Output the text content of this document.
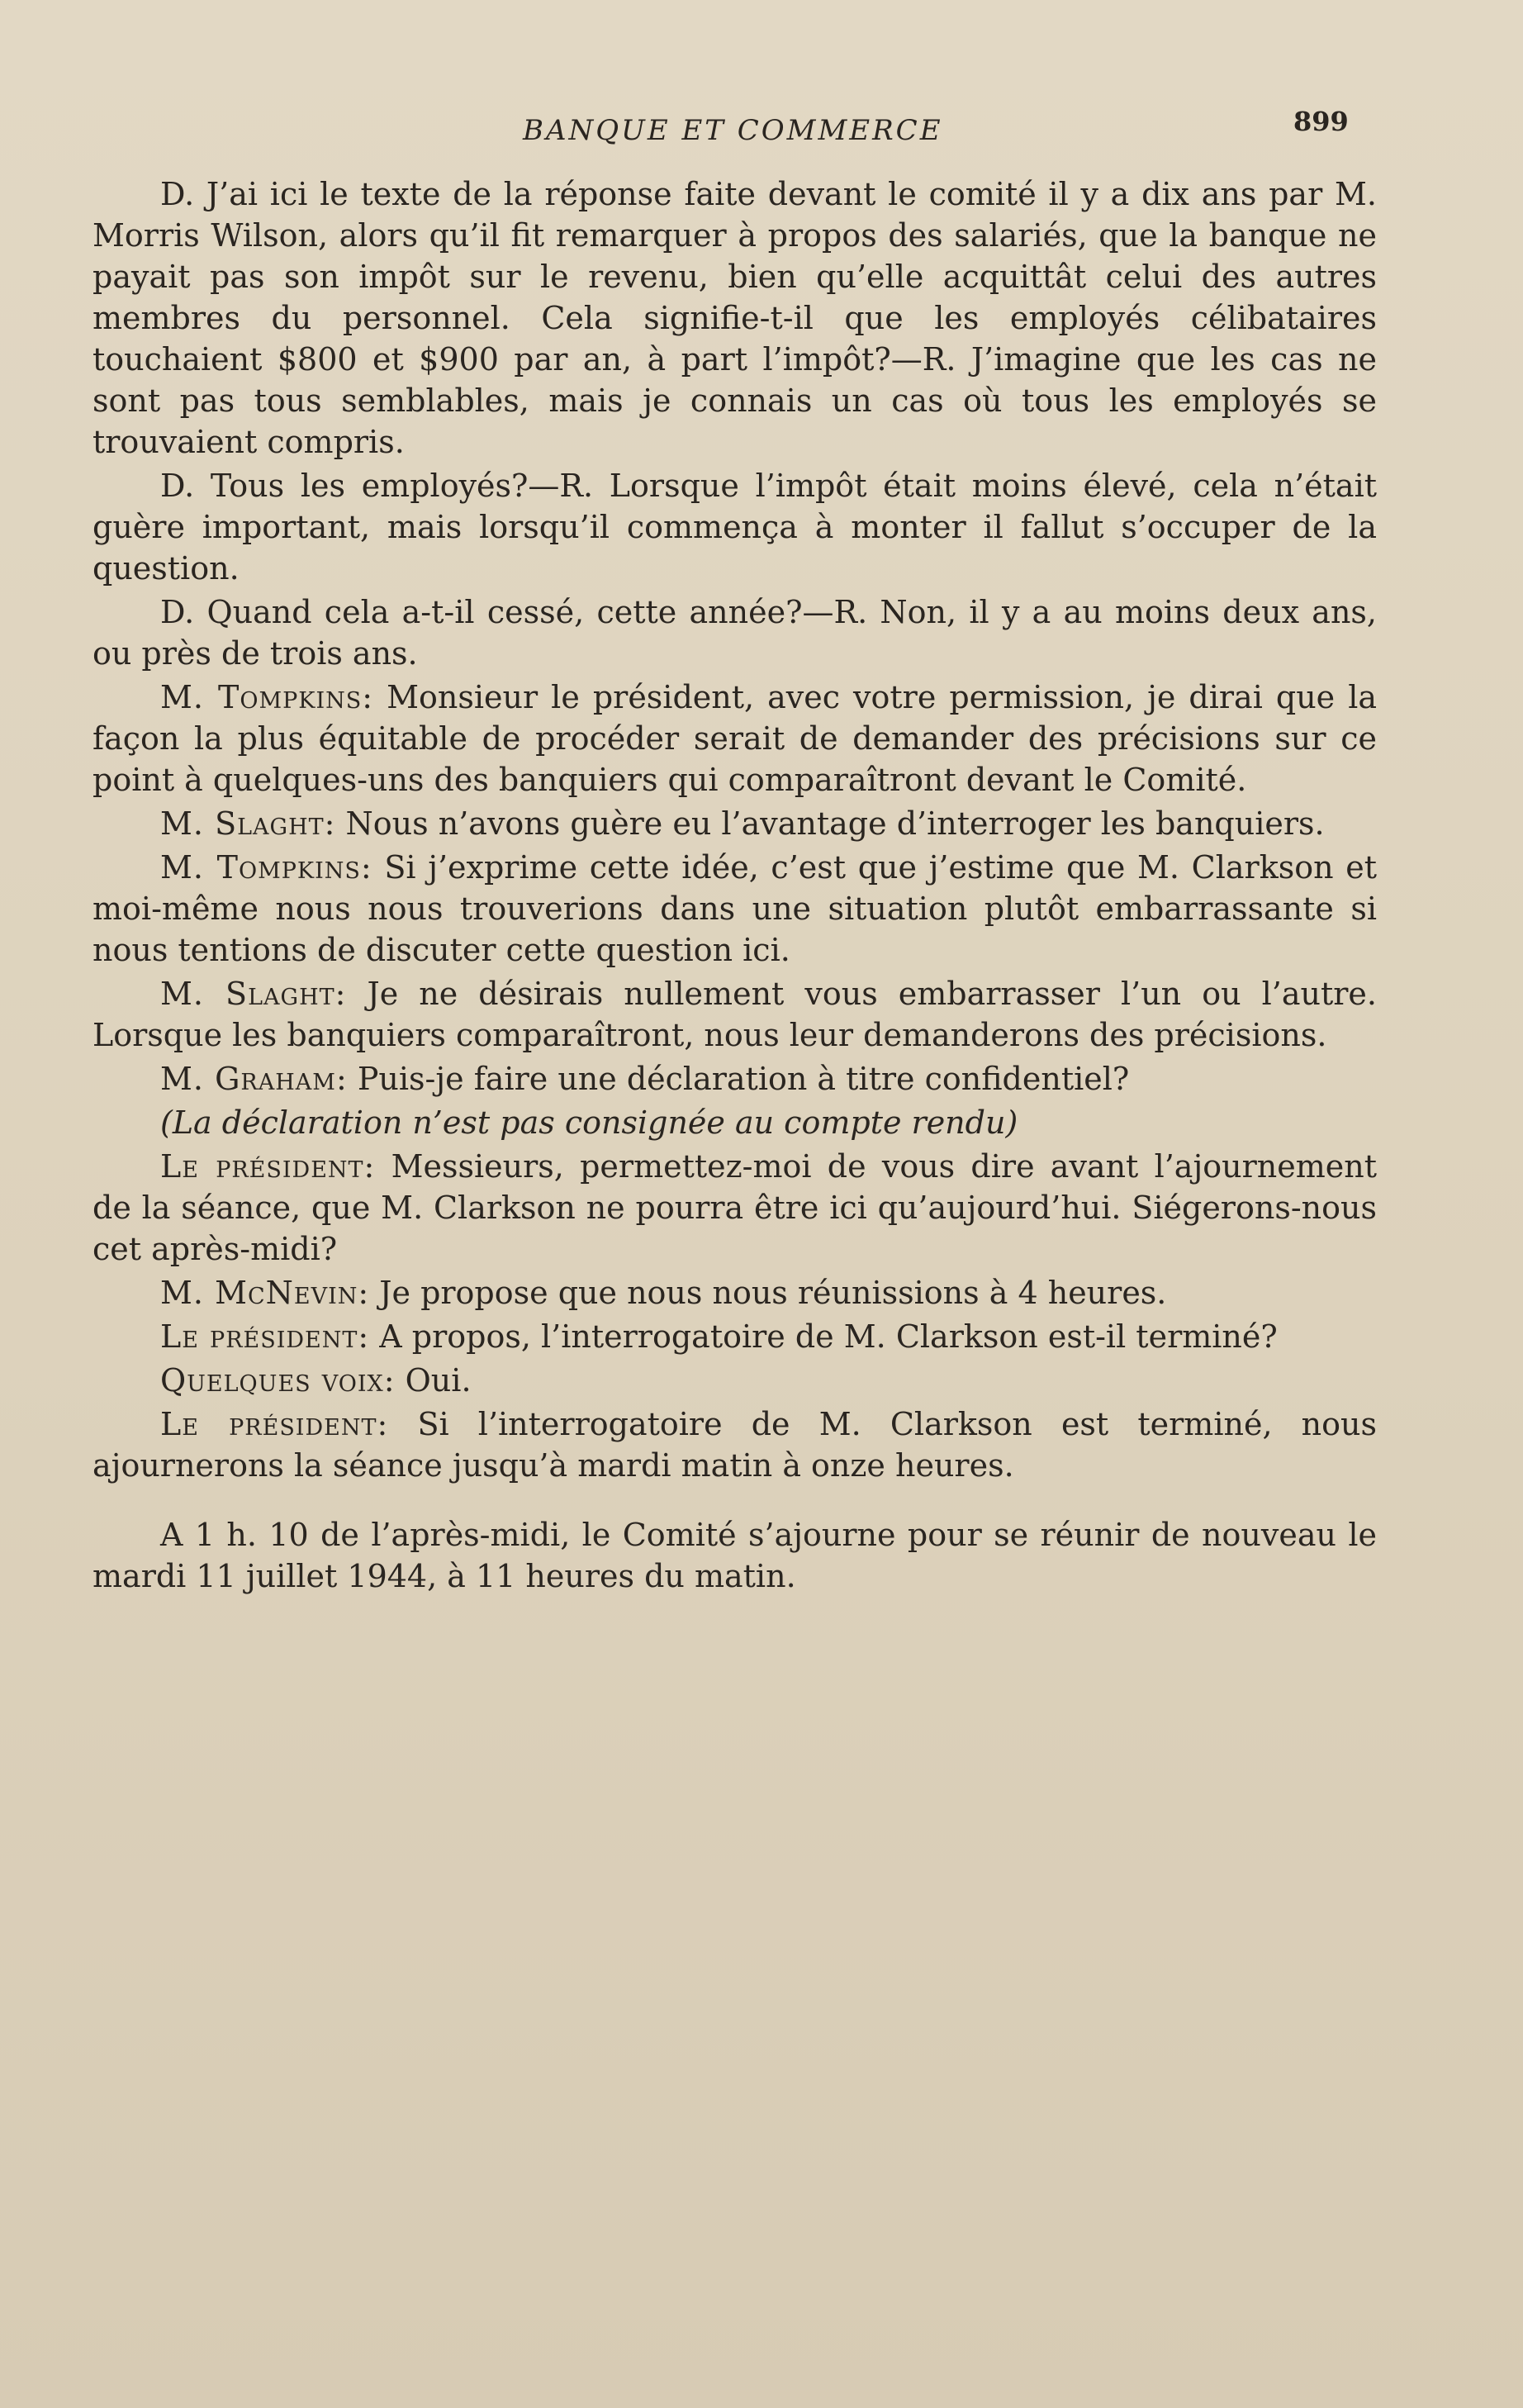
BANQUE ET COMMERCE	899

D. J’ai ici le texte de la réponse faite devant le comité il y a dix ans par M. Morris Wilson, alors qu’il fit remarquer à propos des salariés, que la banque ne payait pas son impôt sur le revenu, bien qu’elle acquittât celui des autres membres du personnel. Cela signifie-t-il que les employés célibataires touchaient $800 et $900 par an, à part l’impôt?—R. J’imagine que les cas ne sont pas tous semblables, mais je connais un cas où tous les employés se trouvaient compris.

D. Tous les employés?—R. Lorsque l’impôt était moins élevé, cela n’était guère important, mais lorsqu’il commença à monter il fallut s’occuper de la question.

D. Quand cela a-t-il cessé, cette année?—R. Non, il y a au moins deux ans, ou près de trois ans.

M. Tompkins: Monsieur le président, avec votre permission, je dirai que la façon la plus équitable de procéder serait de demander des précisions sur ce point à quelques-uns des banquiers qui comparaîtront devant le Comité.

M. Slaght: Nous n’avons guère eu l’avantage d’interroger les banquiers.

M. Tompkins: Si j’exprime cette idée, c’est que j’estime que M. Clarkson et moi-même nous nous trouverions dans une situation plutôt embarrassante si nous tentions de discuter cette question ici.

M. Slaght: Je ne désirais nullement vous embarrasser l’un ou l’autre. Lorsque les banquiers comparaîtront, nous leur demanderons des précisions.

M. Graham: Puis-je faire une déclaration à titre confidentiel?

(La déclaration n’est pas consignée au compte rendu)

Le président: Messieurs, permettez-moi de vous dire avant l’ajournement de la séance, que M. Clarkson ne pourra être ici qu’aujourd’hui. Siégerons-nous cet après-midi?

M. McNevin: Je propose que nous nous réunissions à 4 heures.

Le président: A propos, l’interrogatoire de M. Clarkson est-il terminé?

Quelques voix: Oui.

Le président: Si l’interrogatoire de M. Clarkson est terminé, nous ajournerons la séance jusqu’à mardi matin à onze heures.

A 1 h. 10 de l’après-midi, le Comité s’ajourne pour se réunir de nouveau le mardi 11 juillet 1944, à 11 heures du matin.
